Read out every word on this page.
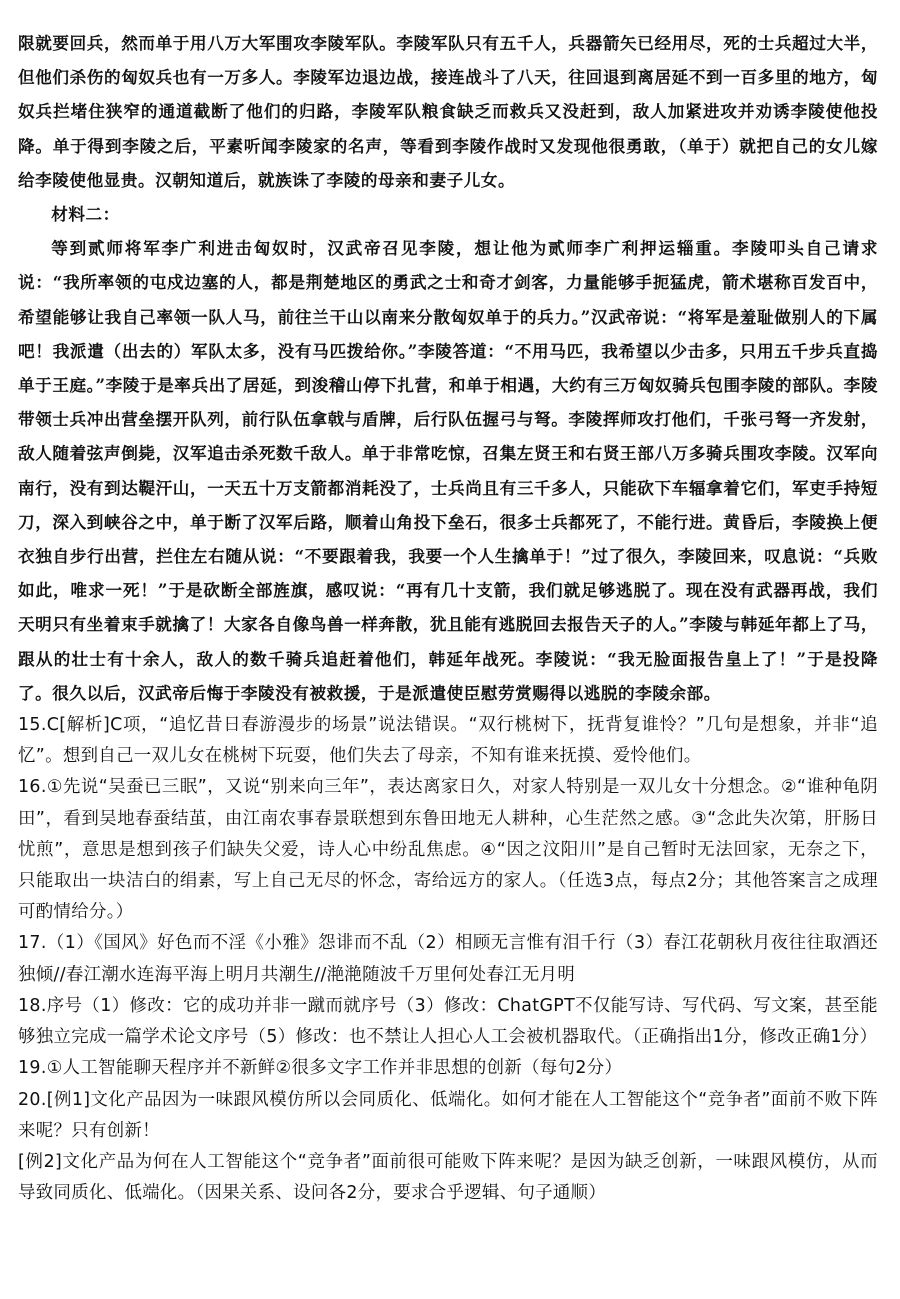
限就要回兵，然而单于用八万大军围攻李陵军队。李陵军队只有五千人，兵器箭矢已经用尽，死的士兵超过大半，但他们杀伤的匈奴兵也有一万多人。李陵军边退边战，接连战斗了八天，往回退到离居延不到一百多里的地方，匈奴兵拦堵住狭窄的通道截断了他们的归路，李陵军队粮食缺乏而救兵又没赶到，敌人加紧进攻并劝诱李陵使他投降。单于得到李陵之后，平素听闻李陵家的名声，等看到李陵作战时又发现他很勇敢，（单于）就把自己的女儿嫁给李陵使他显贵。汉朝知道后，就族诛了李陵的母亲和妻子儿女。

材料二：

等到贰师将军李广利进击匈奴时，汉武帝召见李陵，想让他为贰师李广利押运辎重。李陵叩头自己请求说：“我所率领的屯戍边塞的人，都是荆楚地区的勇武之士和奇才剑客，力量能够手扼猛虎，箭术堪称百发百中，希望能够让我自己率领一队人马，前往兰干山以南来分散匈奴单于的兵力。”汉武帝说：“将军是羞耻做别人的下属吧！我派遣（出去的）军队太多，没有马匹拨给你。”李陵答道：“不用马匹，我希望以少击多，只用五千步兵直捣单于王庭。”李陵于是率兵出了居延，到浚稽山停下扎营，和单于相遇，大约有三万匈奴骑兵包围李陵的部队。李陵带领士兵冲出营垒摆开队列，前行队伍拿戟与盾牌，后行队伍握弓与弩。李陵挥师攻打他们，千张弓弩一齐发射，敌人随着弦声倒毙，汉军追击杀死数千敌人。单于非常吃惊，召集左贤王和右贤王部八万多骑兵围攻李陵。汉军向南行，没有到达鞮汗山，一天五十万支箭都消耗没了，士兵尚且有三千多人，只能砍下车辐拿着它们，军吏手持短刀，深入到峡谷之中，单于断了汉军后路，顺着山角投下垒石，很多士兵都死了，不能行进。黄昏后，李陵换上便衣独自步行出营，拦住左右随从说：“不要跟着我，我要一个人生擒单于！”过了很久，李陵回来，叹息说：“兵败如此，唯求一死！”于是砍断全部旌旗，感叹说：“再有几十支箭，我们就足够逃脱了。现在没有武器再战，我们天明只有坐着束手就擒了！大家各自像鸟兽一样奔散，犹且能有逃脱回去报告天子的人。”李陵与韩延年都上了马，跟从的壮士有十余人，敌人的数千骑兵追赶着他们，韩延年战死。李陵说：“我无脸面报告皇上了！”于是投降了。很久以后，汉武帝后悔于李陵没有被救援，于是派遣使臣慰劳赏赐得以逃脱的李陵余部。

15.C[解析]C项，“追忆昔日春游漫步的场景”说法错误。“双行桃树下，抚背复谁怜？”几句是想象，并非“追忆”。想到自己一双儿女在桃树下玩耍，他们失去了母亲，不知有谁来抚摸、爱怜他们。

16.①先说“吴蚕已三眠”，又说“别来向三年”，表达离家日久，对家人特别是一双儿女十分想念。②“谁种龟阴田”，看到吴地春蚕结茧，由江南农事春景联想到东鲁田地无人耕种，心生茫然之感。③“念此失次第，肝肠日忧煎”，意思是想到孩子们缺失父爱，诗人心中纷乱焦虑。④“因之汶阳川”是自己暂时无法回家，无奈之下，只能取出一块洁白的绢素，写上自己无尽的怀念，寄给远方的家人。（任选3点，每点2分；其他答案言之成理可酌情给分。）

17.（1）《国风》好色而不淫《小雅》怨诽而不乱（2）相顾无言惟有泪千行（3）春江花朝秋月夜往往取酒还独倾//春江潮水连海平海上明月共潮生//滟滟随波千万里何处春江无月明

18.序号（1）修改：它的成功并非一蹴而就序号（3）修改：ChatGPT不仅能写诗、写代码、写文案，甚至能够独立完成一篇学术论文序号（5）修改：也不禁让人担心人工会被机器取代。（正确指出1分，修改正确1分）

19.①人工智能聊天程序并不新鲜②很多文字工作并非思想的创新（每句2分）

20.[例1]文化产品因为一味跟风模仿所以会同质化、低端化。如何才能在人工智能这个“竞争者”面前不败下阵来呢？只有创新！

[例2]文化产品为何在人工智能这个“竞争者”面前很可能败下阵来呢？是因为缺乏创新，一味跟风模仿，从而导致同质化、低端化。（因果关系、设问各2分，要求合乎逻辑、句子通顺）
